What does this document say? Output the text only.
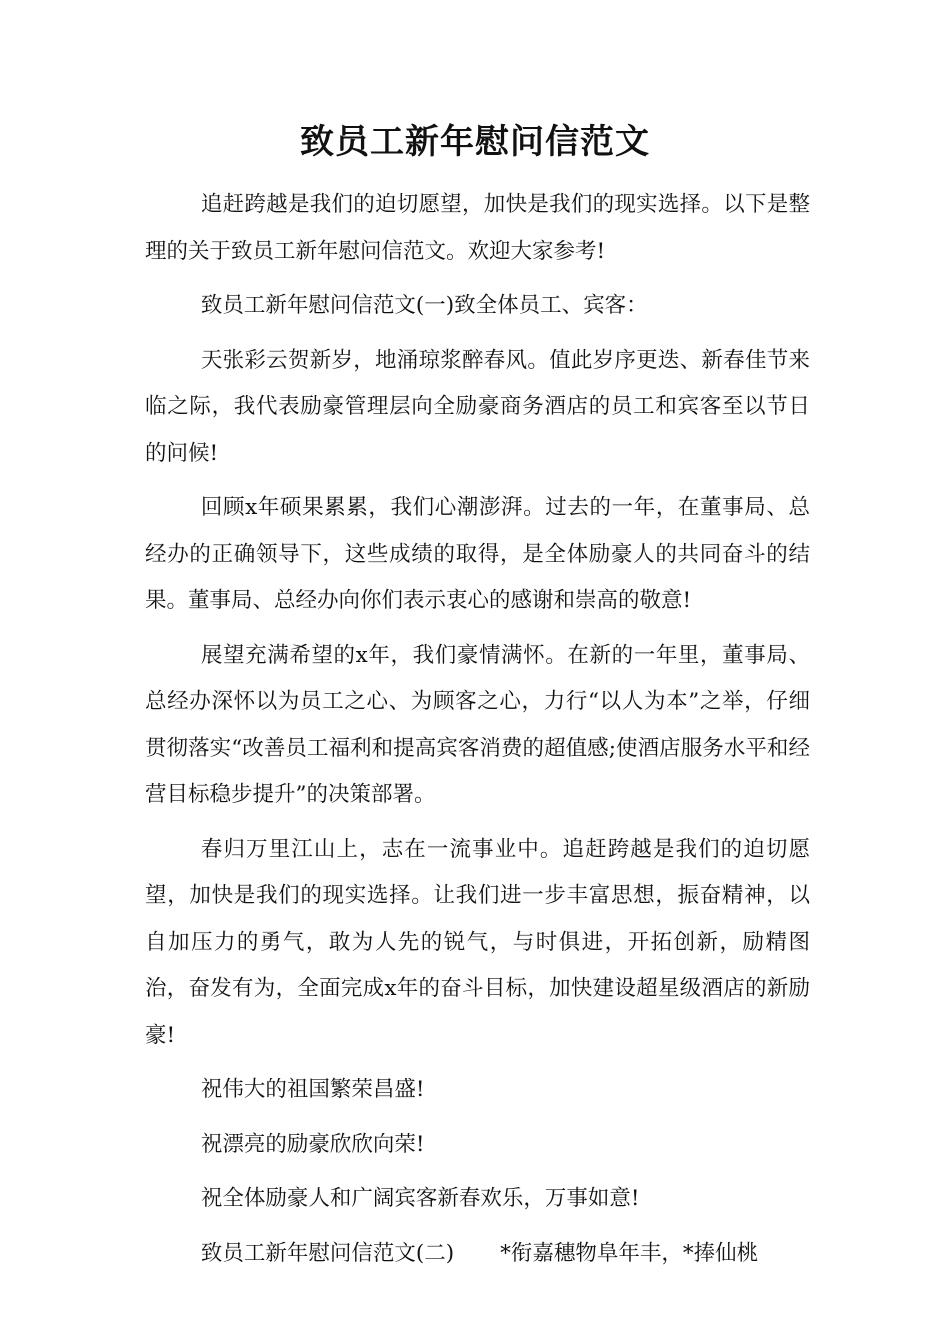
致员工新年慰问信范文

追赶跨越是我们的迫切愿望，加快是我们的现实选择。以下是整理的关于致员工新年慰问信范文。欢迎大家参考!

致员工新年慰问信范文(一)致全体员工、宾客：

天张彩云贺新岁，地涌琼浆醉春风。值此岁序更迭、新春佳节来临之际，我代表励豪管理层向全励豪商务酒店的员工和宾客至以节日的问候!

回顾x年硕果累累，我们心潮澎湃。过去的一年，在董事局、总经办的正确领导下，这些成绩的取得，是全体励豪人的共同奋斗的结果。董事局、总经办向你们表示衷心的感谢和崇高的敬意!

展望充满希望的x年，我们豪情满怀。在新的一年里，董事局、总经办深怀以为员工之心、为顾客之心，力行“以人为本”之举，仔细贯彻落实“改善员工福利和提高宾客消费的超值感;使酒店服务水平和经营目标稳步提升”的决策部署。

春归万里江山上，志在一流事业中。追赶跨越是我们的迫切愿望，加快是我们的现实选择。让我们进一步丰富思想，振奋精神，以自加压力的勇气，敢为人先的锐气，与时俱进，开拓创新，励精图治，奋发有为，全面完成x年的奋斗目标，加快建设超星级酒店的新励豪!

祝伟大的祖国繁荣昌盛!

祝漂亮的励豪欣欣向荣!

祝全体励豪人和广阔宾客新春欢乐，万事如意!

致员工新年慰问信范文(二) *衔嘉穗物阜年丰，*捧仙桃
